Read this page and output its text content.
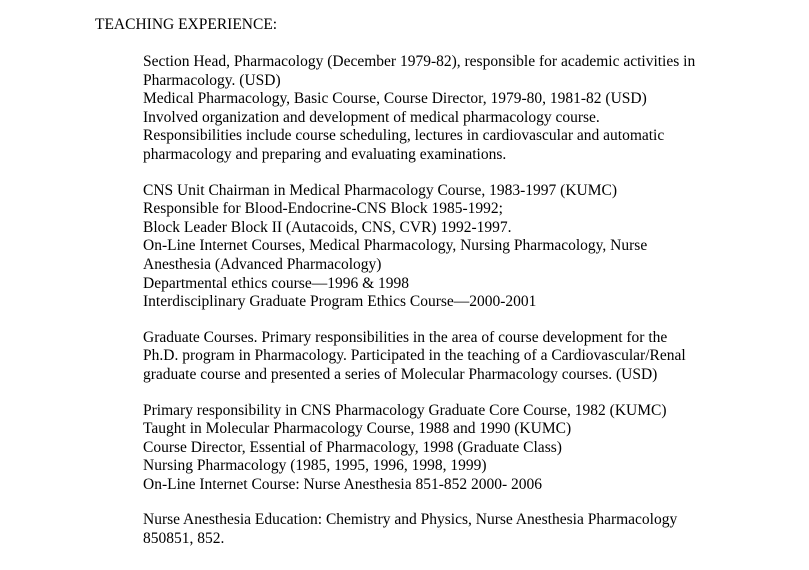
TEACHING EXPERIENCE:
Section Head, Pharmacology (December 1979-82), responsible for academic activities in
Pharmacology. (USD)
Medical Pharmacology, Basic Course, Course Director, 1979-80, 1981-82 (USD)
Involved organization and development of medical pharmacology course.
Responsibilities include course scheduling, lectures in cardiovascular and automatic
pharmacology and preparing and evaluating examinations.
CNS Unit Chairman in Medical Pharmacology Course, 1983-1997 (KUMC)
Responsible for Blood-Endocrine-CNS Block 1985-1992;
Block Leader Block II (Autacoids, CNS, CVR) 1992-1997.
On-Line Internet Courses, Medical Pharmacology, Nursing Pharmacology, Nurse
Anesthesia (Advanced Pharmacology)
Departmental ethics course—1996 & 1998
Interdisciplinary Graduate Program Ethics Course—2000-2001
Graduate Courses. Primary responsibilities in the area of course development for the
Ph.D. program in Pharmacology. Participated in the teaching of a Cardiovascular/Renal
graduate course and presented a series of Molecular Pharmacology courses. (USD)
Primary responsibility in CNS Pharmacology Graduate Core Course, 1982 (KUMC)
Taught in Molecular Pharmacology Course, 1988 and 1990 (KUMC)
Course Director, Essential of Pharmacology, 1998 (Graduate Class)
Nursing Pharmacology (1985, 1995, 1996, 1998, 1999)
On-Line Internet Course: Nurse Anesthesia 851-852 2000- 2006
Nurse Anesthesia Education: Chemistry and Physics, Nurse Anesthesia Pharmacology
850851, 852.
